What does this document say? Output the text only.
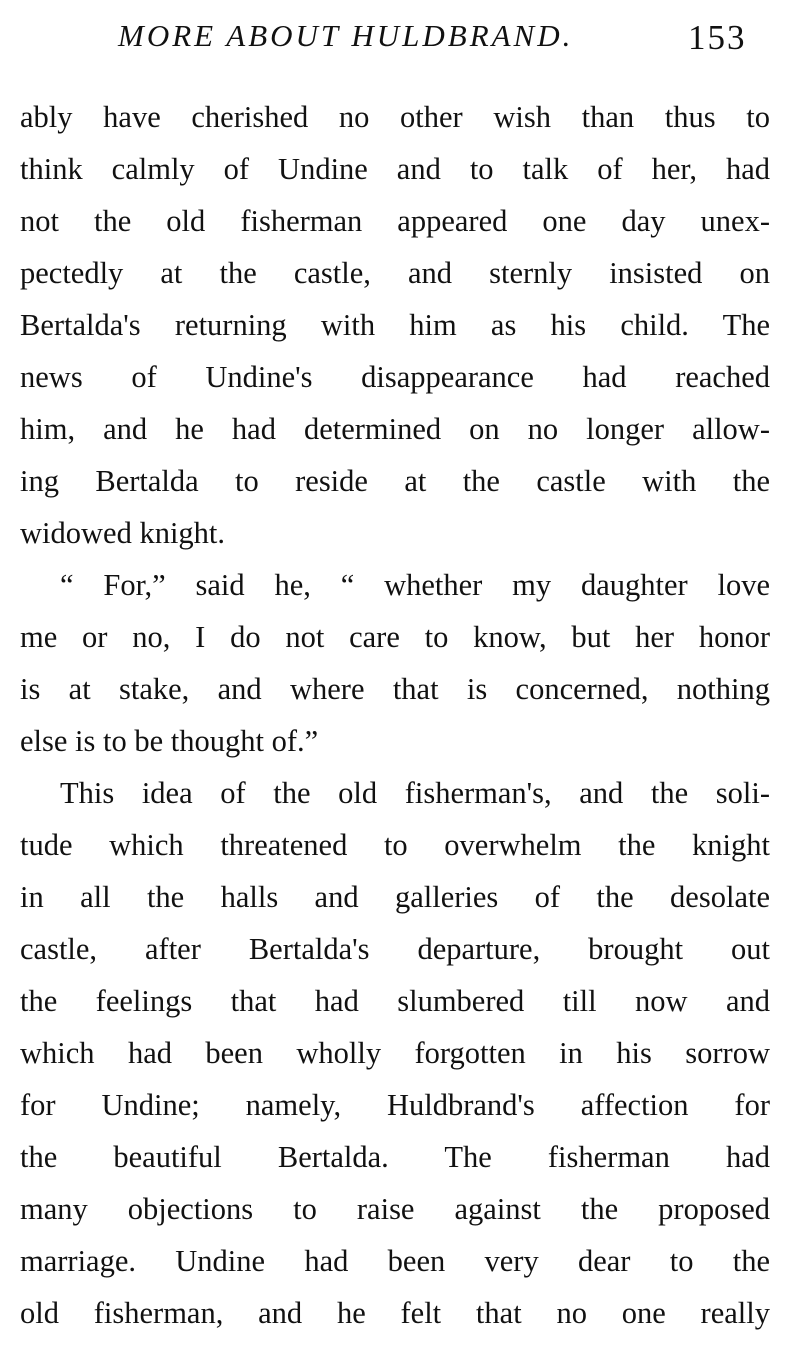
MORE ABOUT HULDBRAND.	153
ably have cherished no other wish than thus to
think calmly of Undine and to talk of her, had
not the old fisherman appeared one day unex-
pectedly at the castle, and sternly insisted on
Bertalda's returning with him as his child. The
news of Undine's disappearance had reached
him, and he had determined on no longer allow-
ing Bertalda to reside at the castle with the
widowed knight.
“ For,” said he, “ whether my daughter love
me or no, I do not care to know, but her honor
is at stake, and where that is concerned, nothing
else is to be thought of.”
This idea of the old fisherman's, and the soli-
tude which threatened to overwhelm the knight
in all the halls and galleries of the desolate
castle, after Bertalda's departure, brought out
the feelings that had slumbered till now and
which had been wholly forgotten in his sorrow
for Undine; namely, Huldbrand's affection for
the beautiful Bertalda. The fisherman had
many objections to raise against the proposed
marriage. Undine had been very dear to the
old fisherman, and he felt that no one really
